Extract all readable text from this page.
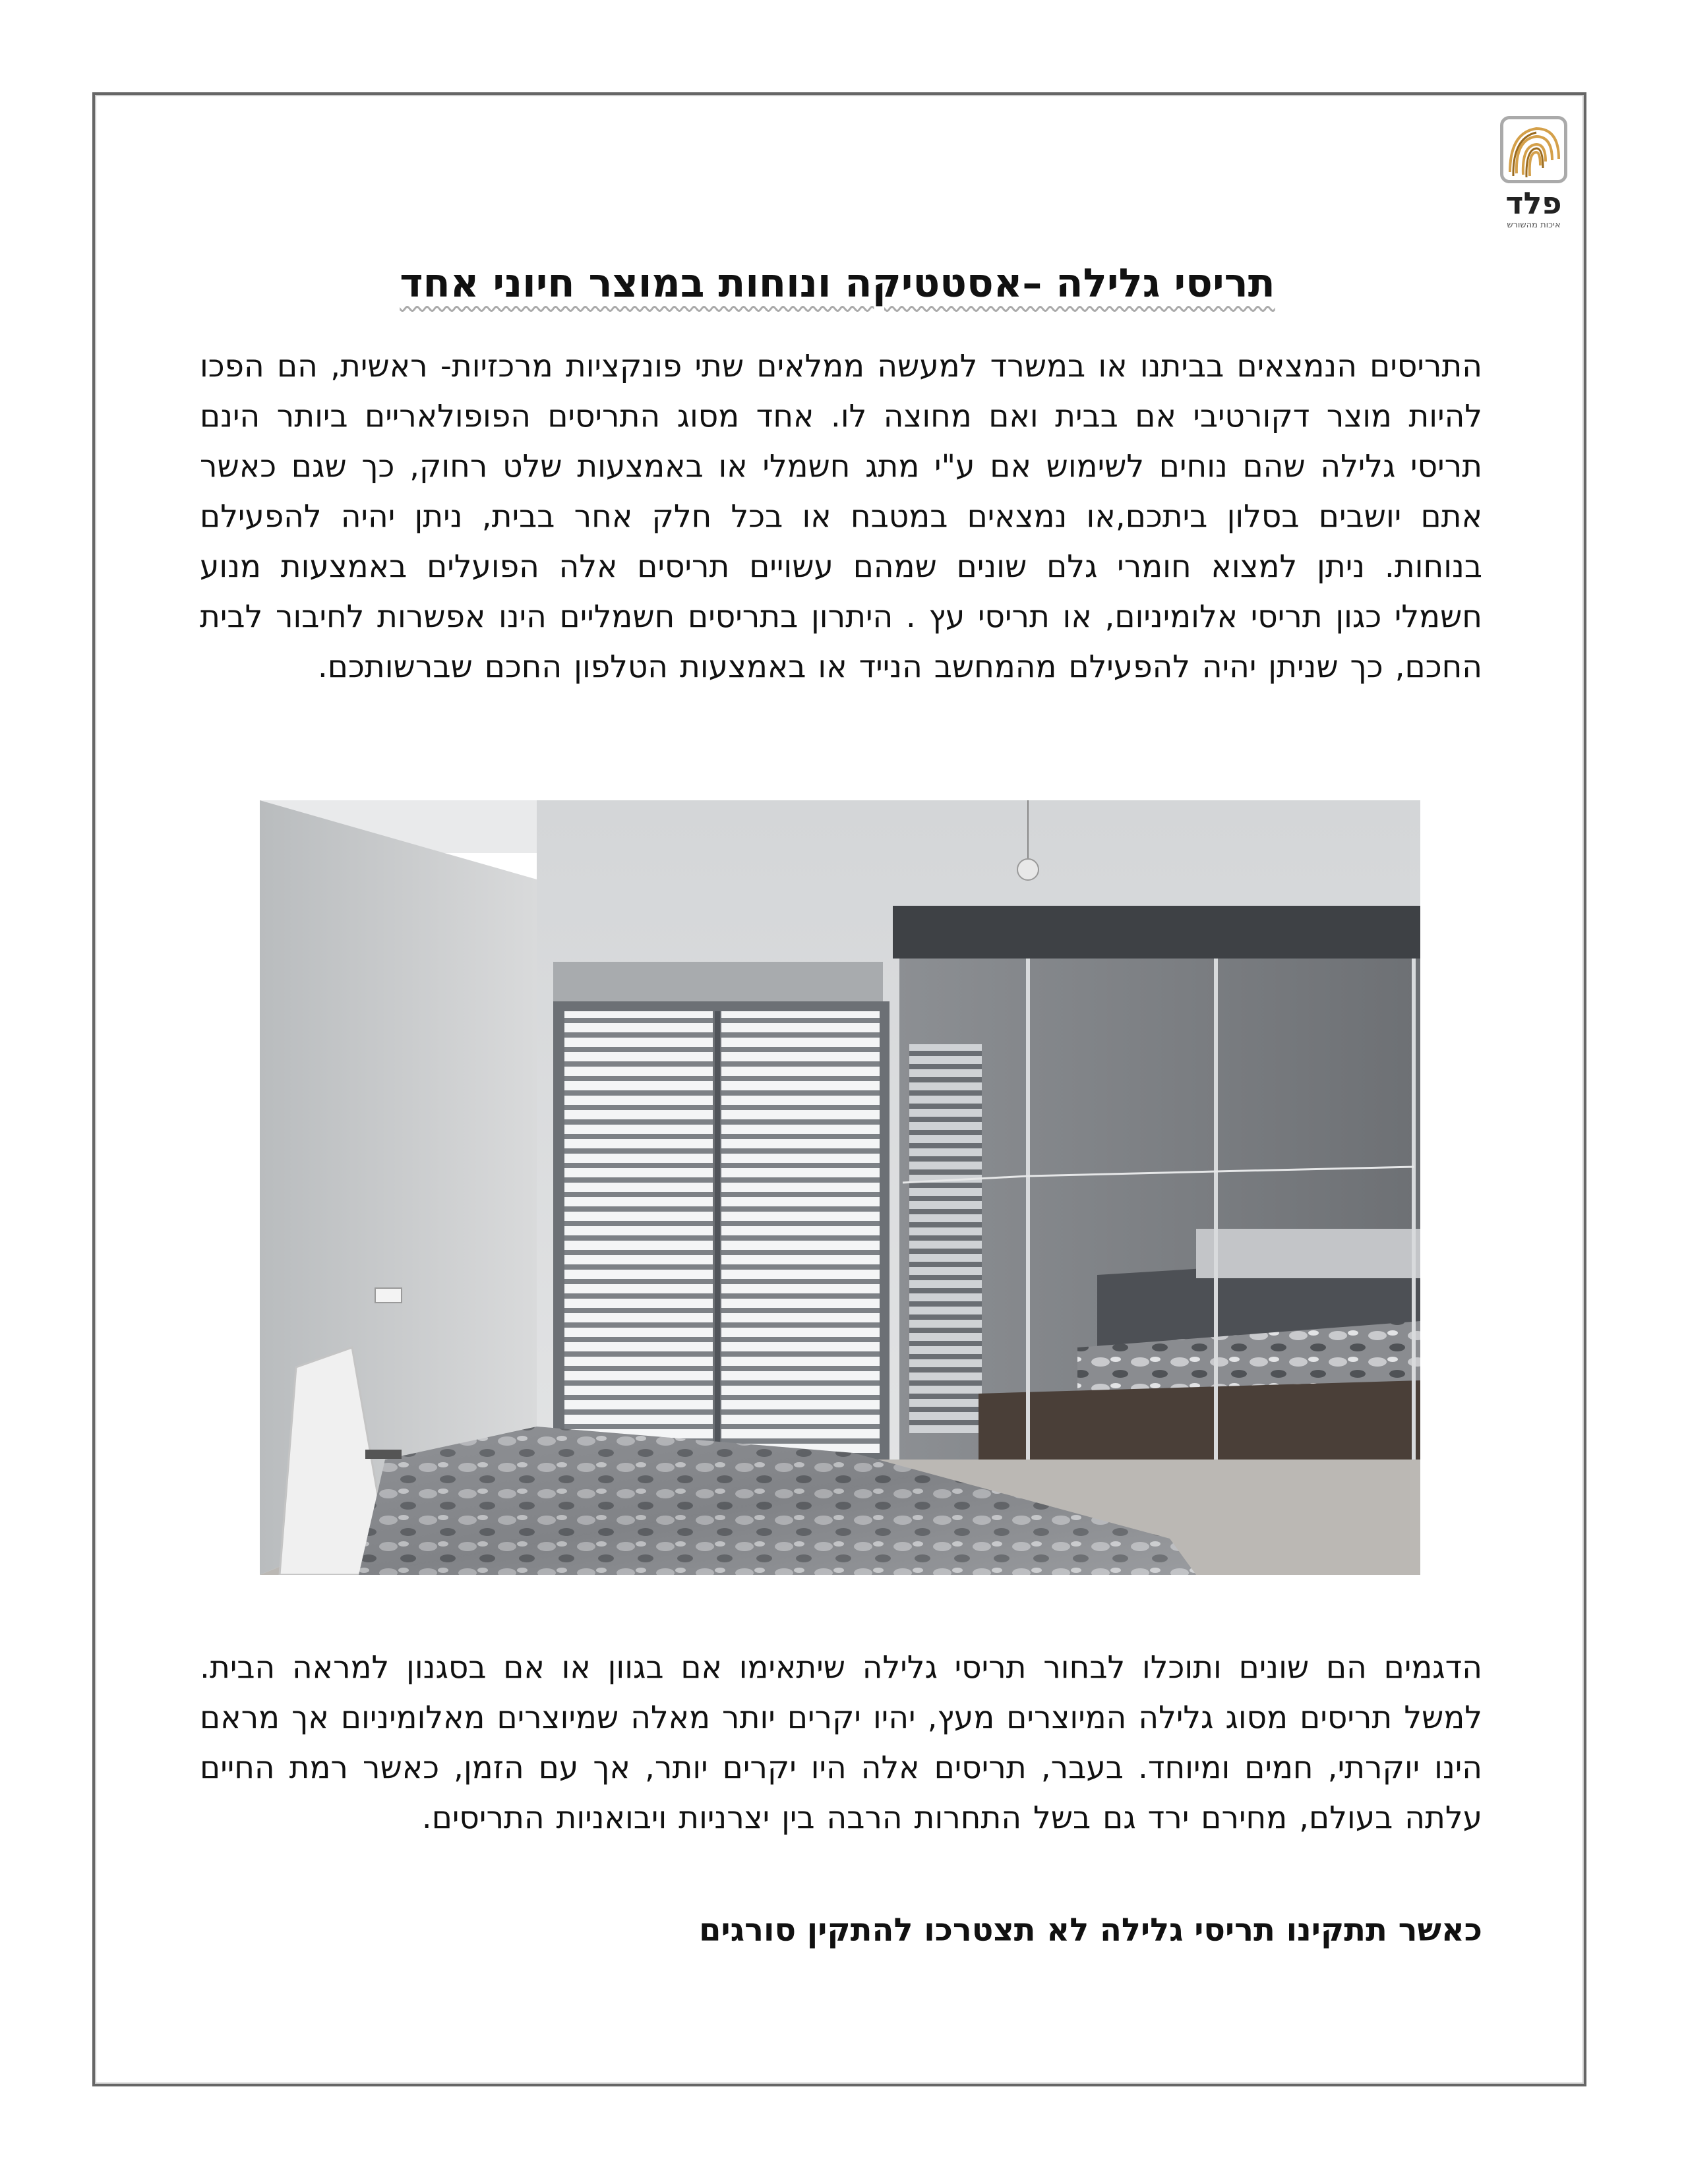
פלד
איכות מהשורש
תריסי גלילה –אסטטיקה ונוחות במוצר חיוני אחד

התריסים הנמצאים בביתנו או במשרד למעשה ממלאים שתי פונקציות מרכזיות- ראשית, הם הפכו להיות מוצר דקורטיבי אם בבית ואם מחוצה לו. אחד מסוג התריסים הפופולאריים ביותר הינם תריסי גלילה שהם נוחים לשימוש אם ע"י מתג חשמלי או באמצעות שלט רחוק, כך שגם כאשר אתם יושבים בסלון ביתכם,או נמצאים במטבח או בכל חלק אחר בבית, ניתן יהיה להפעילם בנוחות. ניתן למצוא חומרי גלם שונים שמהם עשויים תריסים אלה הפועלים באמצעות מנוע חשמלי כגון תריסי אלומיניום, או תריסי עץ . היתרון בתריסים חשמליים הינו אפשרות לחיבור לבית החכם, כך שניתן יהיה להפעילם מהמחשב הנייד או באמצעות הטלפון החכם שברשותכם.

הדגמים הם שונים ותוכלו לבחור תריסי גלילה שיתאימו אם בגוון או אם בסגנון למראה הבית. למשל תריסים מסוג גלילה המיוצרים מעץ, יהיו יקרים יותר מאלה שמיוצרים מאלומיניום אך מראם הינו יוקרתי, חמים ומיוחד. בעבר, תריסים אלה היו יקרים יותר, אך עם הזמן, כאשר רמת החיים עלתה בעולם, מחירם ירד גם בשל התחרות הרבה בין יצרניות ויבואניות התריסים.

כאשר תתקינו תריסי גלילה לא תצטרכו להתקין סורגים
